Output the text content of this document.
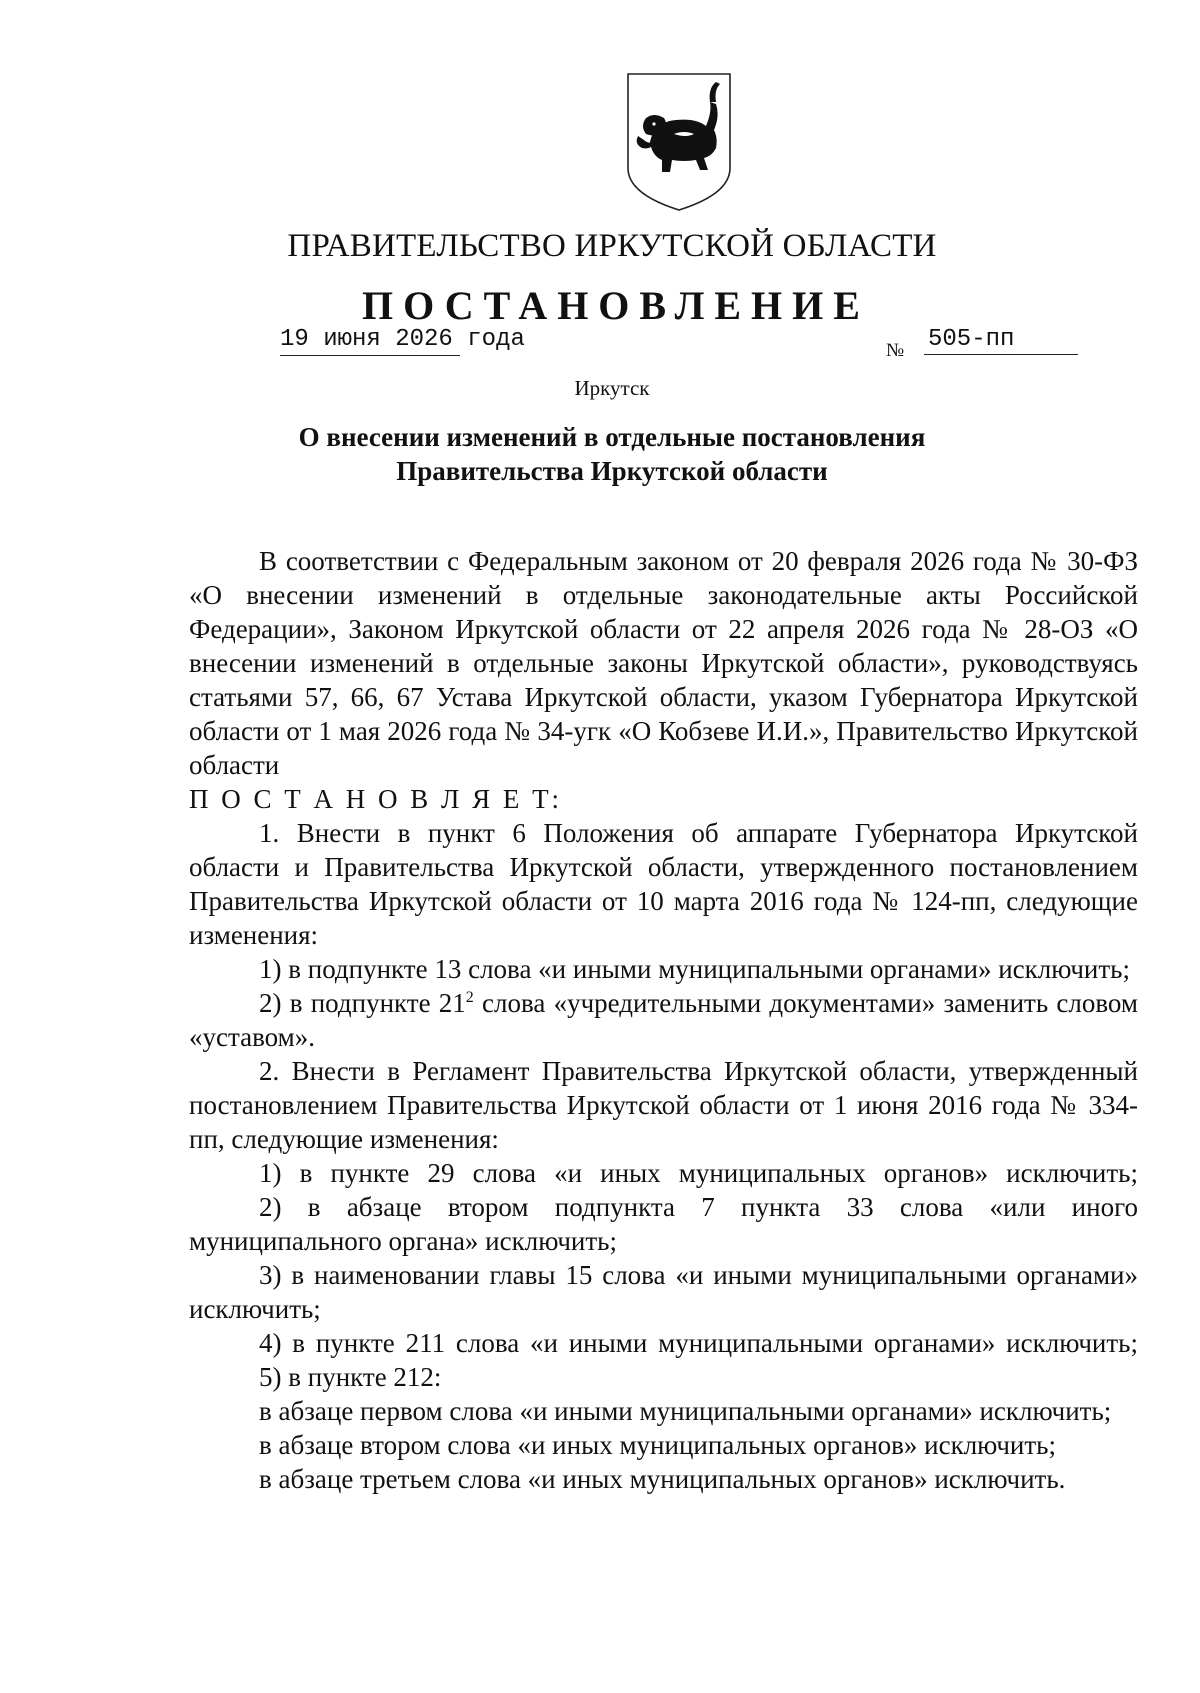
ПРАВИТЕЛЬСТВО ИРКУТСКОЙ ОБЛАСТИ
ПОСТАНОВЛЕНИЕ
19 июня 2026 года	№ 505-пп
Иркутск
О внесении изменений в отдельные постановления
Правительства Иркутской области

В соответствии с Федеральным законом от 20 февраля 2026 года № 30-ФЗ «О внесении изменений в отдельные законодательные акты Российской Федерации», Законом Иркутской области от 22 апреля 2026 года № 28-ОЗ «О внесении изменений в отдельные законы Иркутской области», руководствуясь статьями 57, 66, 67 Устава Иркутской области, указом Губернатора Иркутской области от 1 мая 2026 года № 34-угк «О Кобзеве И.И.», Правительство Иркутской области

П О С Т А Н О В Л Я Е Т:

1. Внести в пункт 6 Положения об аппарате Губернатора Иркутской области и Правительства Иркутской области, утвержденного постановлением Правительства Иркутской области от 10 марта 2016 года № 124-пп, следующие изменения:

1) в подпункте 13 слова «и иными муниципальными органами» исключить;

2) в подпункте $21^2$ слова «учредительными документами» заменить словом «уставом».

2. Внести в Регламент Правительства Иркутской области, утвержденный постановлением Правительства Иркутской области от 1 июня 2016 года № 334-пп, следующие изменения:

1) в пункте 29 слова «и иных муниципальных органов» исключить;

2) в абзаце втором подпункта 7 пункта 33 слова «или иного муниципального органа» исключить;

3) в наименовании главы 15 слова «и иными муниципальными органами» исключить;

4) в пункте 211 слова «и иными муниципальными органами» исключить;

5) в пункте 212:

в абзаце первом слова «и иными муниципальными органами» исключить;

в абзаце втором слова «и иных муниципальных органов» исключить;

в абзаце третьем слова «и иных муниципальных органов» исключить.
